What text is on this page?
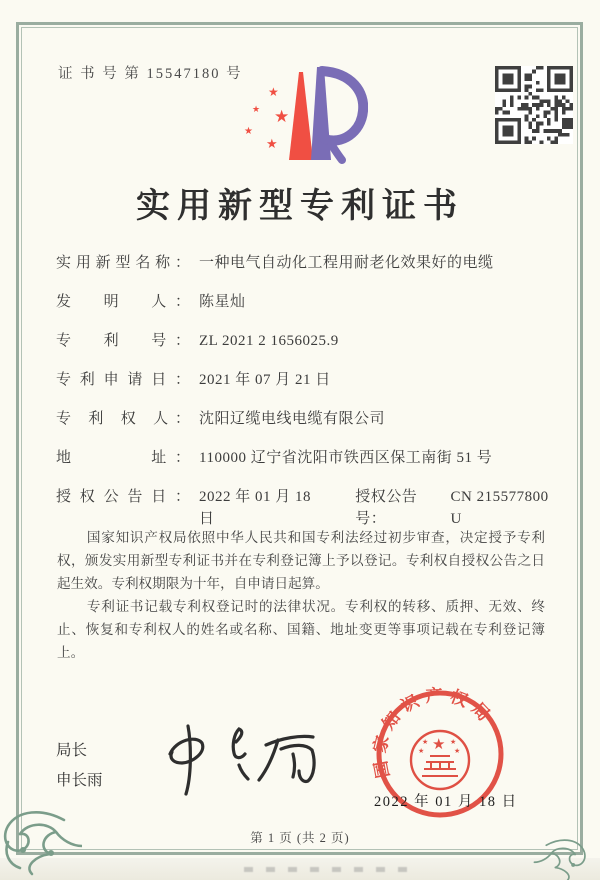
证 书 号 第 15547180 号
★
★ ★
★
★
实用新型专利证书
实用新型名称： 一种电气自动化工程用耐老化效果好的电缆
发　明　人： 陈星灿
专　利　号： ZL 2021 2 1656025.9
专利申请日： 2021 年 07 月 21 日
专 利 权 人： 沈阳辽缆电线电缆有限公司
地　　　址： 110000 辽宁省沈阳市铁西区保工南街 51 号
授权公告日： 2022 年 01 月 18 日
授权公告号：
CN 215577800 U

国家知识产权局依照中华人民共和国专利法经过初步审查，决定授予专利权，颁发实用新型专利证书并在专利登记簿上予以登记。专利权自授权公告之日起生效。专利权期限为十年，自申请日起算。

专利证书记载专利权登记时的法律状况。专利权的转移、质押、无效、终止、恢复和专利权人的姓名或名称、国籍、地址变更等事项记载在专利登记簿上。

局长
申长雨
国家知识产权局
★
★	★
★	★
2022 年 01 月 18 日
第 1 页 (共 2 页)
